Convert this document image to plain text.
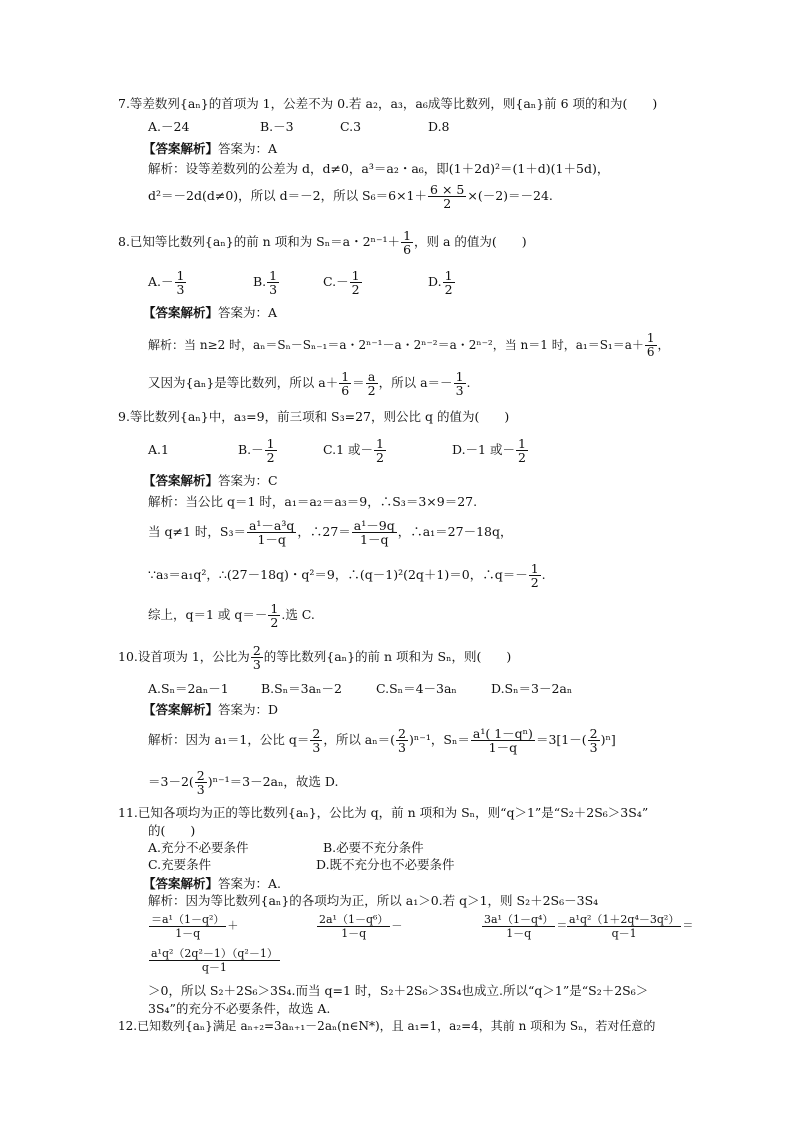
7.等差数列{aₙ}的首项为 1，公差不为 0.若 a₂，a₃，a₆成等比数列，则{aₙ}前 6 项的和为(　　)
A.－24	B.－3	C.3	D.8
【答案解析】答案为：A
解析：设等差数列的公差为 d，d≠0，a³＝a₂・a₆，即(1＋2d)²＝(1＋d)(1＋5d)，
d²＝－2d(d≠0)，所以 d＝－2，所以 $S_6=6\times 1+ \frac{6 \times 5}{2} \times(-2)=-24$.
8.已知等比数列{aₙ}的前 n 项和为 Sₙ＝a・$2^{n-1}+ \frac{1}{6}$ ，则 a 的值为(　　)
$A.- \frac{1}{3}$	B. $\frac{1}{3}$	$C.- \frac{1}{2}$	D. $\frac{1}{2}$
【答案解析】答案为：A
解析：当 n≥2 时，aₙ＝Sₙ－Sₙ₋₁＝a・2ⁿ⁻¹－a・2ⁿ⁻²＝a・2ⁿ⁻²，当 n＝1 时，$a_1=S_1=a+ \frac{1}{6}$ ，
又因为{aₙ}是等比数列，所以 $a+ \frac{1}{6} = \frac{a}{2}$ ，所以 $a=- \frac{1}{3}$ .
9.等比数列{aₙ}中，a₃=9，前三项和 S₃=27，则公比 q 的值为(　　)
A.1	$B.- \frac{1}{2}$	C.1 或－ $\frac{1}{2}$	D.－1 或－ $\frac{1}{2}$
【答案解析】答案为：C
解析：当公比 q＝1 时，a₁＝a₂＝a₃＝9，∴S₃＝3×9＝27.
当 q≠1 时，$S_3= \frac{\text{a¹－a³q}}{1-q}$ ，∴27＝ $\frac{\text{a¹－9q}}{1-q}$ ，∴a₁＝27－18q，
∵a₃＝a₁q²，∴(27－18q)・q²＝9，∴(q－1)²(2q＋1)＝0，∴q＝－ $\frac{1}{2}$ .
综上，q＝1 或 $q=- \frac{1}{2}$ .选 C.
10.设首项为 1，公比为 $\frac{2}{3}$ 的等比数列{aₙ}的前 n 项和为 Sₙ，则(　　)
A.Sₙ＝2aₙ－1	B.Sₙ＝3aₙ－2	C.Sₙ＝4－3aₙ	D.Sₙ＝3－2aₙ
【答案解析】答案为：D
解析：因为 a₁＝1，公比 $q= \frac{2}{3}$ ，所以 $a_n=( \frac{2}{3} )^{n-1}$，$S_n= \frac{\text{a¹( 1－qⁿ)}}{1-q} =3[1-( \frac{2}{3} )^n]$
$=3-2( \frac{2}{3} )^{n-1}=3-2a_n$，故选 D.
11.已知各项均为正的等比数列{aₙ}，公比为 q，前 n 项和为 Sₙ，则“q＞1”是“S₂＋2S₆＞3S₄”
的(　　)
A.充分不必要条件	B.必要不充分条件
C.充要条件	D.既不充分也不必要条件
【答案解析】答案为：A.
解析：因为等比数列{aₙ}的各项均为正，所以 a₁＞0.若 q＞1，则 S₂＋2S₆－3S₄
$\frac{\text{＝a¹（1－q²）}}{1-q}$ ＋	$\frac{\text{2a¹（1－q⁶）}}{1-q}$ －	$\frac{\text{3a¹（1－q⁴）}}{1-q} = \frac{\text{a¹q²（1＋2q⁴－3q²）}}{q-1}$ ＝
$\frac{\text{a¹q²（2q²－1）（q²－1）}}{q-1}$
＞0，所以 S₂＋2S₆＞3S₄.而当 q=1 时，S₂＋2S₆＞3S₄也成立.所以“q＞1”是“S₂＋2S₆＞
3S₄”的充分不必要条件，故选 A.
12.已知数列{aₙ}满足 aₙ₊₂=3aₙ₊₁－2aₙ(n∈N*)，且 a₁=1，a₂=4，其前 n 项和为 Sₙ，若对任意的
